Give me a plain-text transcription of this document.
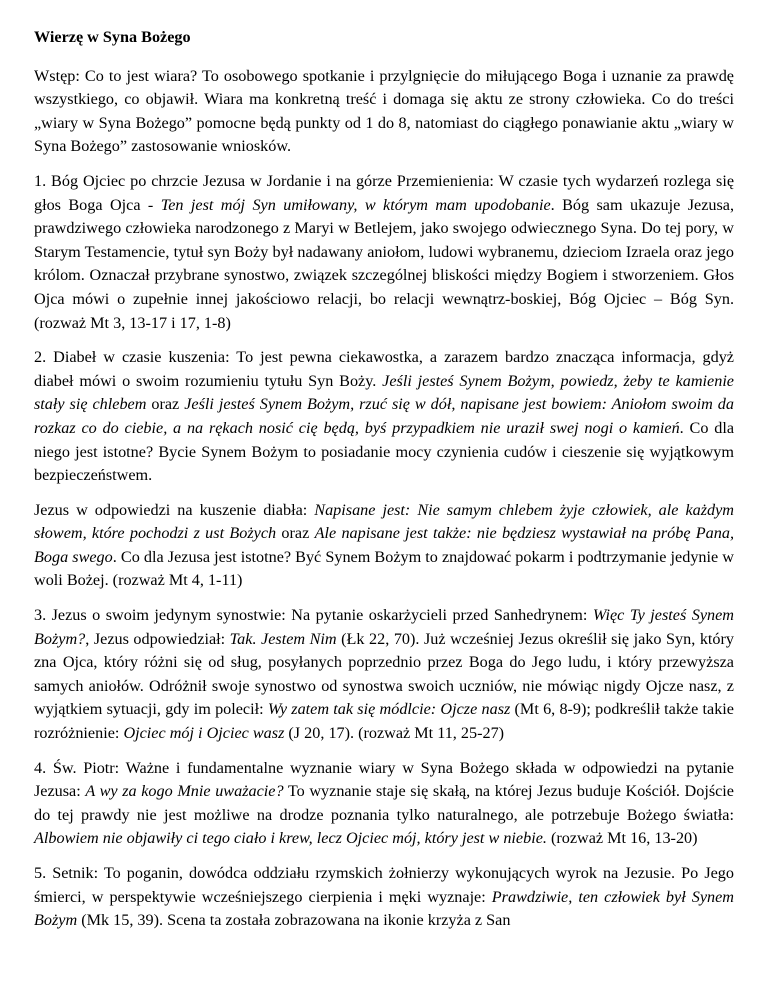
Wierzę w Syna Bożego

Wstęp: Co to jest wiara? To osobowego spotkanie i przylgnięcie do miłującego Boga i uznanie za prawdę wszystkiego, co objawił. Wiara ma konkretną treść i domaga się aktu ze strony człowieka. Co do treści „wiary w Syna Bożego” pomocne będą punkty od 1 do 8, natomiast do ciągłego ponawianie aktu „wiary w Syna Bożego” zastosowanie wniosków.

1. Bóg Ojciec po chrzcie Jezusa w Jordanie i na górze Przemienienia: W czasie tych wydarzeń rozlega się głos Boga Ojca - Ten jest mój Syn umiłowany, w którym mam upodobanie. Bóg sam ukazuje Jezusa, prawdziwego człowieka narodzonego z Maryi w Betlejem, jako swojego odwiecznego Syna. Do tej pory, w Starym Testamencie, tytuł syn Boży był nadawany aniołom, ludowi wybranemu, dzieciom Izraela oraz jego królom. Oznaczał przybrane synostwo, związek szczególnej bliskości między Bogiem i stworzeniem. Głos Ojca mówi o zupełnie innej jakościowo relacji, bo relacji wewnątrz-boskiej, Bóg Ojciec – Bóg Syn. (rozważ Mt 3, 13-17 i 17, 1-8)

2. Diabeł w czasie kuszenia: To jest pewna ciekawostka, a zarazem bardzo znacząca informacja, gdyż diabeł mówi o swoim rozumieniu tytułu Syn Boży. Jeśli jesteś Synem Bożym, powiedz, żeby te kamienie stały się chlebem oraz Jeśli jesteś Synem Bożym, rzuć się w dół, napisane jest bowiem: Aniołom swoim da rozkaz co do ciebie, a na rękach nosić cię będą, byś przypadkiem nie uraził swej nogi o kamień. Co dla niego jest istotne? Bycie Synem Bożym to posiadanie mocy czynienia cudów i cieszenie się wyjątkowym bezpieczeństwem.

Jezus w odpowiedzi na kuszenie diabła: Napisane jest: Nie samym chlebem żyje człowiek, ale każdym słowem, które pochodzi z ust Bożych oraz Ale napisane jest także: nie będziesz wystawiał na próbę Pana, Boga swego. Co dla Jezusa jest istotne? Być Synem Bożym to znajdować pokarm i podtrzymanie jedynie w woli Bożej. (rozważ Mt 4, 1-11)

3. Jezus o swoim jedynym synostwie: Na pytanie oskarżycieli przed Sanhedrynem: Więc Ty jesteś Synem Bożym?, Jezus odpowiedział: Tak. Jestem Nim (Łk 22, 70). Już wcześniej Jezus określił się jako Syn, który zna Ojca, który różni się od sług, posyłanych poprzednio przez Boga do Jego ludu, i który przewyższa samych aniołów. Odróżnił swoje synostwo od synostwa swoich uczniów, nie mówiąc nigdy Ojcze nasz, z wyjątkiem sytuacji, gdy im polecił: Wy zatem tak się módlcie: Ojcze nasz (Mt 6, 8-9); podkreślił także takie rozróżnienie: Ojciec mój i Ojciec wasz (J 20, 17). (rozważ Mt 11, 25-27)

4. Św. Piotr: Ważne i fundamentalne wyznanie wiary w Syna Bożego składa w odpowiedzi na pytanie Jezusa: A wy za kogo Mnie uważacie? To wyznanie staje się skałą, na której Jezus buduje Kościół. Dojście do tej prawdy nie jest możliwe na drodze poznania tylko naturalnego, ale potrzebuje Bożego światła: Albowiem nie objawiły ci tego ciało i krew, lecz Ojciec mój, który jest w niebie. (rozważ Mt 16, 13-20)

5. Setnik: To poganin, dowódca oddziału rzymskich żołnierzy wykonujących wyrok na Jezusie. Po Jego śmierci, w perspektywie wcześniejszego cierpienia i męki wyznaje: Prawdziwie, ten człowiek był Synem Bożym (Mk 15, 39). Scena ta została zobrazowana na ikonie krzyża z San
